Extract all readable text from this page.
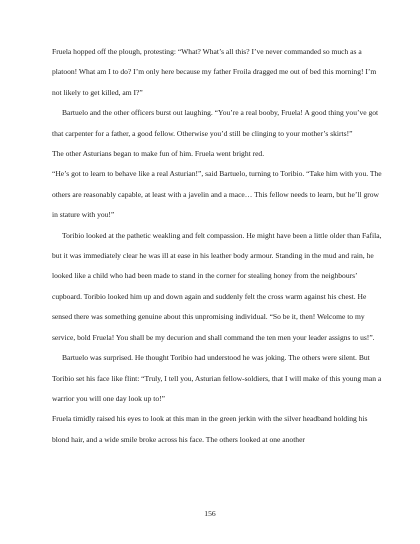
Fruela hopped off the plough, protesting: “What? What’s all this? I’ve never commanded so much as a platoon! What am I to do? I’m only here because my father Froila dragged me out of bed this morning! I’m not likely to get killed, am I?”

Bartuelo and the other officers burst out laughing. “You’re a real booby, Fruela! A good thing you’ve got that carpenter for a father, a good fellow. Otherwise you’d still be clinging to your mother’s skirts!”

The other Asturians began to make fun of him. Fruela went bright red.

“He’s got to learn to behave like a real Asturian!”, said Bartuelo, turning to Toribio. “Take him with you. The others are reasonably capable, at least with a javelin and a mace… This fellow needs to learn, but he’ll grow in stature with you!”

Toribio looked at the pathetic weakling and felt compassion. He might have been a little older than Fafila, but it was immediately clear he was ill at ease in his leather body armour. Standing in the mud and rain, he looked like a child who had been made to stand in the corner for stealing honey from the neighbours’ cupboard. Toribio looked him up and down again and suddenly felt the cross warm against his chest. He sensed there was something genuine about this unpromising individual. “So be it, then! Welcome to my service, bold Fruela! You shall be my decurion and shall command the ten men your leader assigns to us!”.

Bartuelo was surprised. He thought Toribio had understood he was joking. The others were silent. But Toribio set his face like flint: “Truly, I tell you, Asturian fellow-soldiers, that I will make of this young man a warrior you will one day look up to!”

Fruela timidly raised his eyes to look at this man in the green jerkin with the silver headband holding his blond hair, and a wide smile broke across his face. The others looked at one another

156
